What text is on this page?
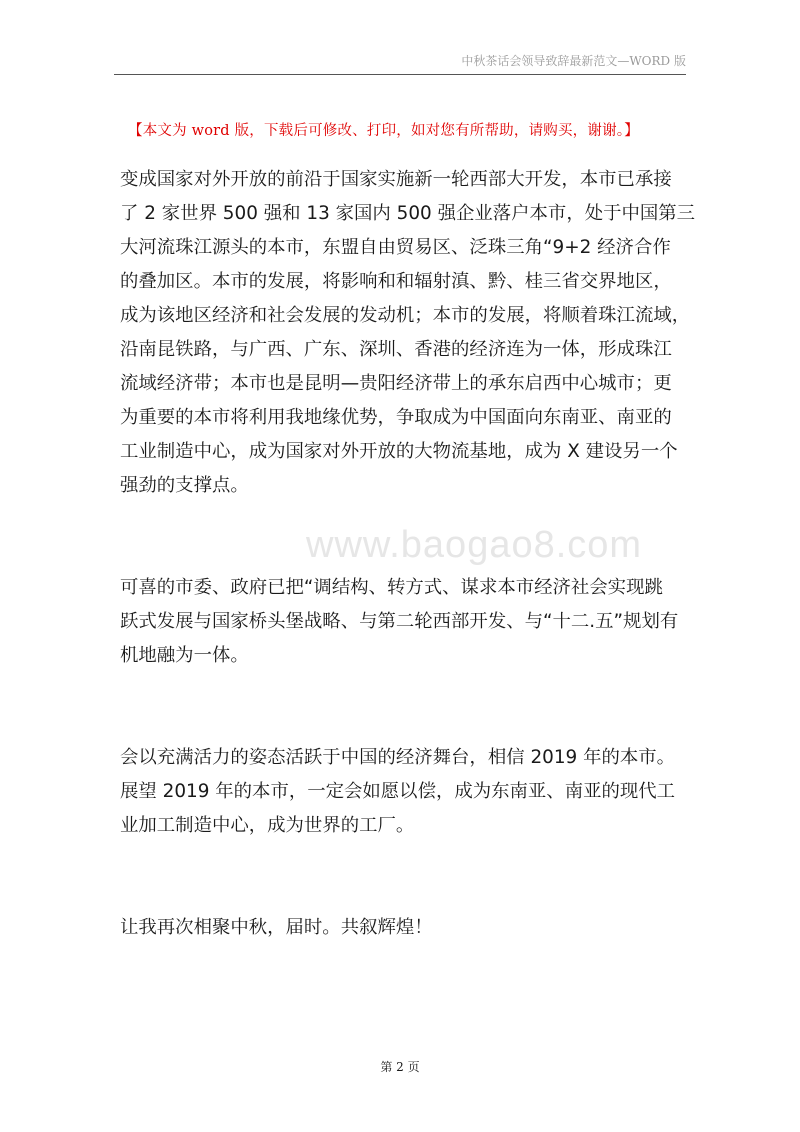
中秋茶话会领导致辞最新范文—WORD 版
【本文为 word 版，下载后可修改、打印，如对您有所帮助，请购买，谢谢。】
www.baogao8.com
变成国家对外开放的前沿于国家实施新一轮西部大开发，本市已承接
了 2 家世界 500 强和 13 家国内 500 强企业落户本市，处于中国第三
大河流珠江源头的本市，东盟自由贸易区、泛珠三角“9+2 经济合作
的叠加区。本市的发展，将影响和和辐射滇、黔、桂三省交界地区，
成为该地区经济和社会发展的发动机；本市的发展，将顺着珠江流域，
沿南昆铁路，与广西、广东、深圳、香港的经济连为一体，形成珠江
流域经济带；本市也是昆明—贵阳经济带上的承东启西中心城市；更
为重要的本市将利用我地缘优势，争取成为中国面向东南亚、南亚的
工业制造中心，成为国家对外开放的大物流基地，成为 X 建设另一个
强劲的支撑点。
可喜的市委、政府已把“调结构、转方式、谋求本市经济社会实现跳
跃式发展与国家桥头堡战略、与第二轮西部开发、与“十二.五”规划有
机地融为一体。
会以充满活力的姿态活跃于中国的经济舞台，相信 2019 年的本市。
展望 2019 年的本市，一定会如愿以偿，成为东南亚、南亚的现代工
业加工制造中心，成为世界的工厂。
让我再次相聚中秋，届时。共叙辉煌！
第 2 页
